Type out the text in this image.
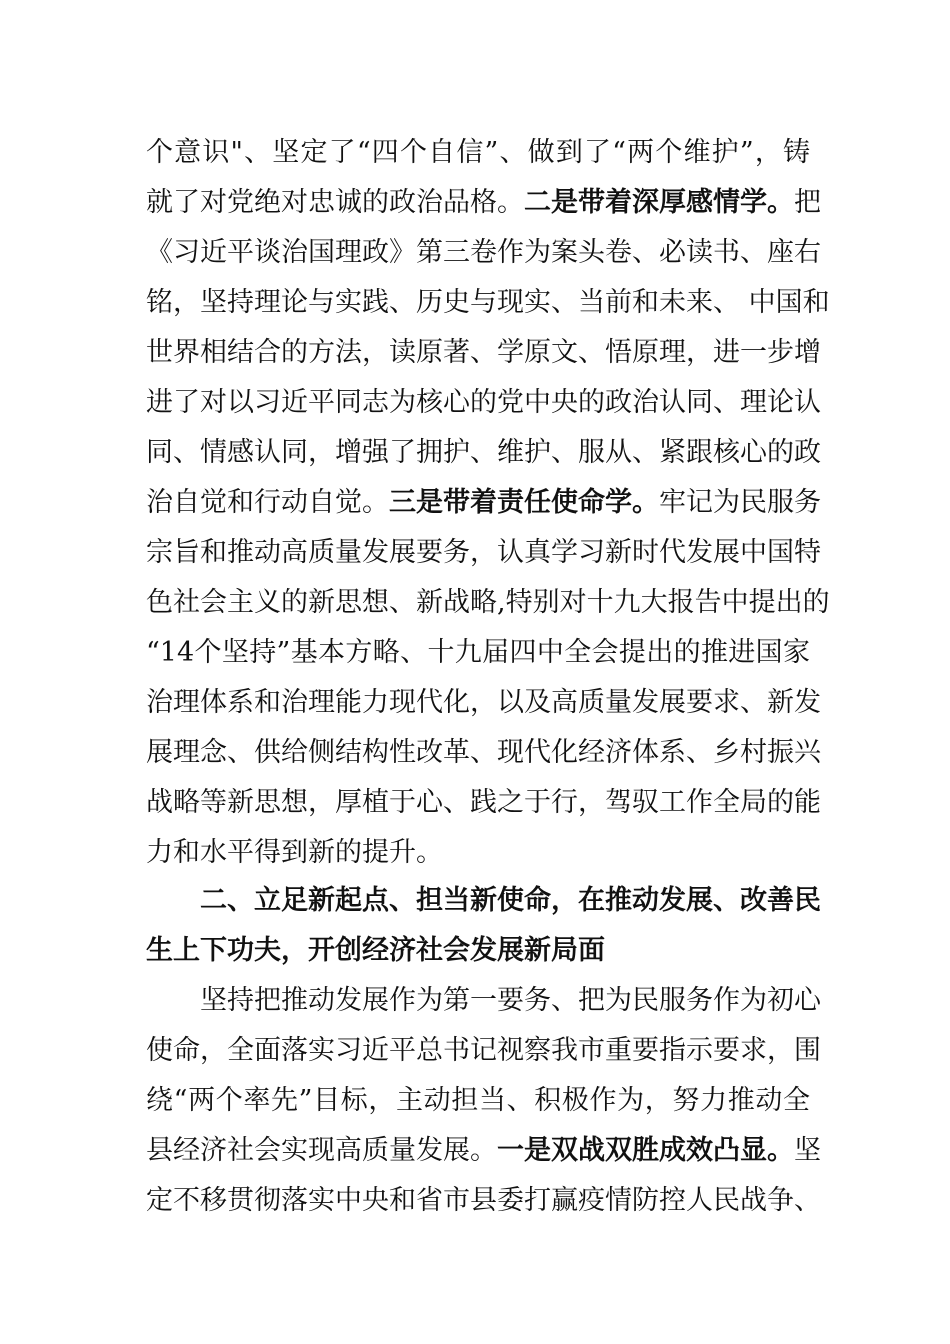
个意识"、坚定了“四个自信”、做到了“两个维护”，铸
就了对党绝对忠诚的政治品格。二是带着深厚感情学。把
《习近平谈治国理政》第三卷作为案头卷、必读书、座右
铭，坚持理论与实践、历史与现实、当前和未来、 中国和
世界相结合的方法，读原著、学原文、悟原理，进一步增
进了对以习近平同志为核心的党中央的政治认同、理论认
同、情感认同，增强了拥护、维护、服从、紧跟核心的政
治自觉和行动自觉。三是带着责任使命学。牢记为民服务
宗旨和推动高质量发展要务，认真学习新时代发展中国特
色社会主义的新思想、新战略,特别对十九大报告中提出的
“14个坚持”基本方略、十九届四中全会提出的推进国家
治理体系和治理能力现代化，以及高质量发展要求、新发
展理念、供给侧结构性改革、现代化经济体系、乡村振兴
战略等新思想，厚植于心、践之于行，驾驭工作全局的能
力和水平得到新的提升。
二、立足新起点、担当新使命，在推动发展、改善民
生上下功夫，开创经济社会发展新局面
坚持把推动发展作为第一要务、把为民服务作为初心
使命，全面落实习近平总书记视察我市重要指示要求，围
绕“两个率先”目标，主动担当、积极作为，努力推动全
县经济社会实现高质量发展。一是双战双胜成效凸显。坚
定不移贯彻落实中央和省市县委打赢疫情防控人民战争、
